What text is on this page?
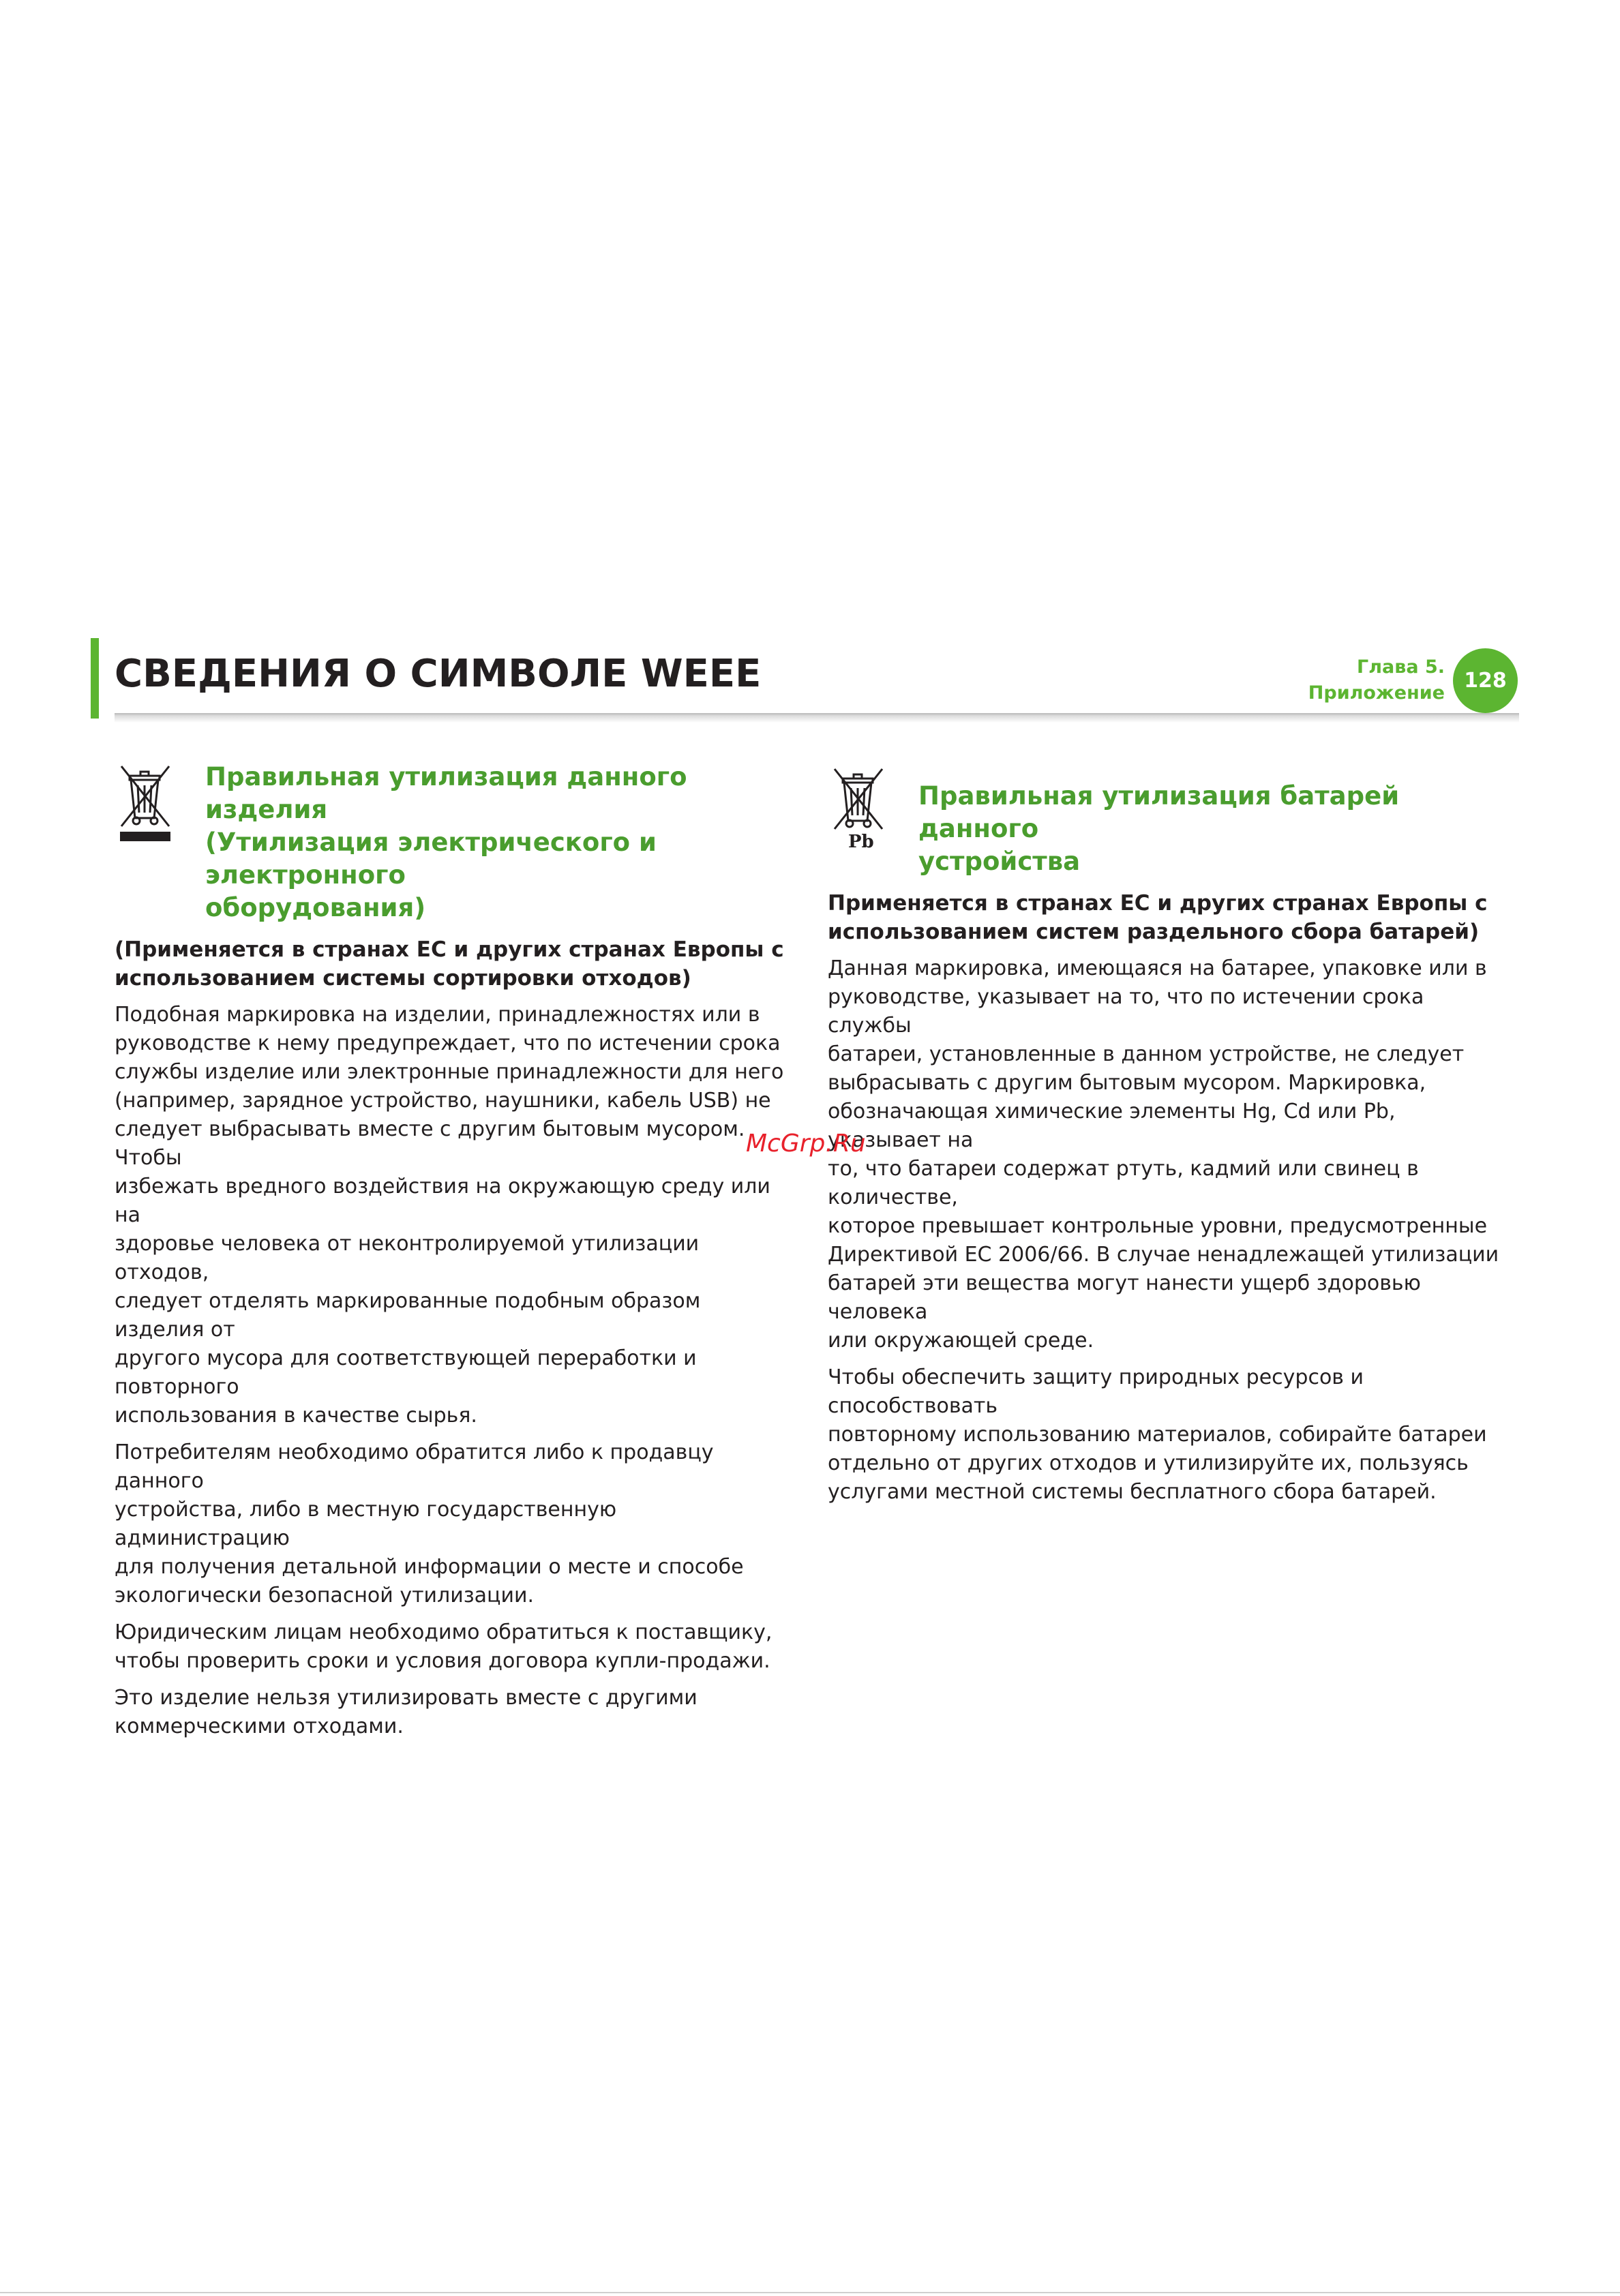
СВЕДЕНИЯ О СИМВОЛЕ WEEE	Глава 5.
Приложение
128
Правильная утилизация данного изделия
(Утилизация электрического и электронного
оборудования)
(Применяется в странах ЕС и других странах Европы с
использованием системы сортировки отходов)
Подобная маркировка на изделии, принадлежностях или в
руководстве к нему предупреждает, что по истечении срока
службы изделие или электронные принадлежности для него
(например, зарядное устройство, наушники, кабель USB) не
следует выбрасывать вместе с другим бытовым мусором. Чтобы
избежать вредного воздействия на окружающую среду или на
здоровье человека от неконтролируемой утилизации отходов,
следует отделять маркированные подобным образом изделия от
другого мусора для соответствующей переработки и повторного
использования в качестве сырья.
Потребителям необходимо обратится либо к продавцу данного
устройства, либо в местную государственную администрацию
для получения детальной информации о месте и способе
экологически безопасной утилизации.
Юридическим лицам необходимо обратиться к поставщику,
чтобы проверить сроки и условия договора купли-продажи.
Это изделие нельзя утилизировать вместе с другими
коммерческими отходами.
Pb
Правильная утилизация батарей данного
устройства
Применяется в странах ЕС и других странах Европы с
использованием систем раздельного сбора батарей)
Данная маркировка, имеющаяся на батарее, упаковке или в
руководстве, указывает на то, что по истечении срока службы
батареи, установленные в данном устройстве, не следует
выбрасывать с другим бытовым мусором. Маркировка,
обозначающая химические элементы Hg, Cd или Pb, указывает на
то, что батареи содержат ртуть, кадмий или свинец в количестве,
которое превышает контрольные уровни, предусмотренные
Директивой ЕС 2006/66. В случае ненадлежащей утилизации
батарей эти вещества могут нанести ущерб здоровью человека
или окружающей среде.
Чтобы обеспечить защиту природных ресурсов и способствовать
повторному использованию материалов, собирайте батареи
отдельно от других отходов и утилизируйте их, пользуясь
услугами местной системы бесплатного сбора батарей.
McGrp.Ru
